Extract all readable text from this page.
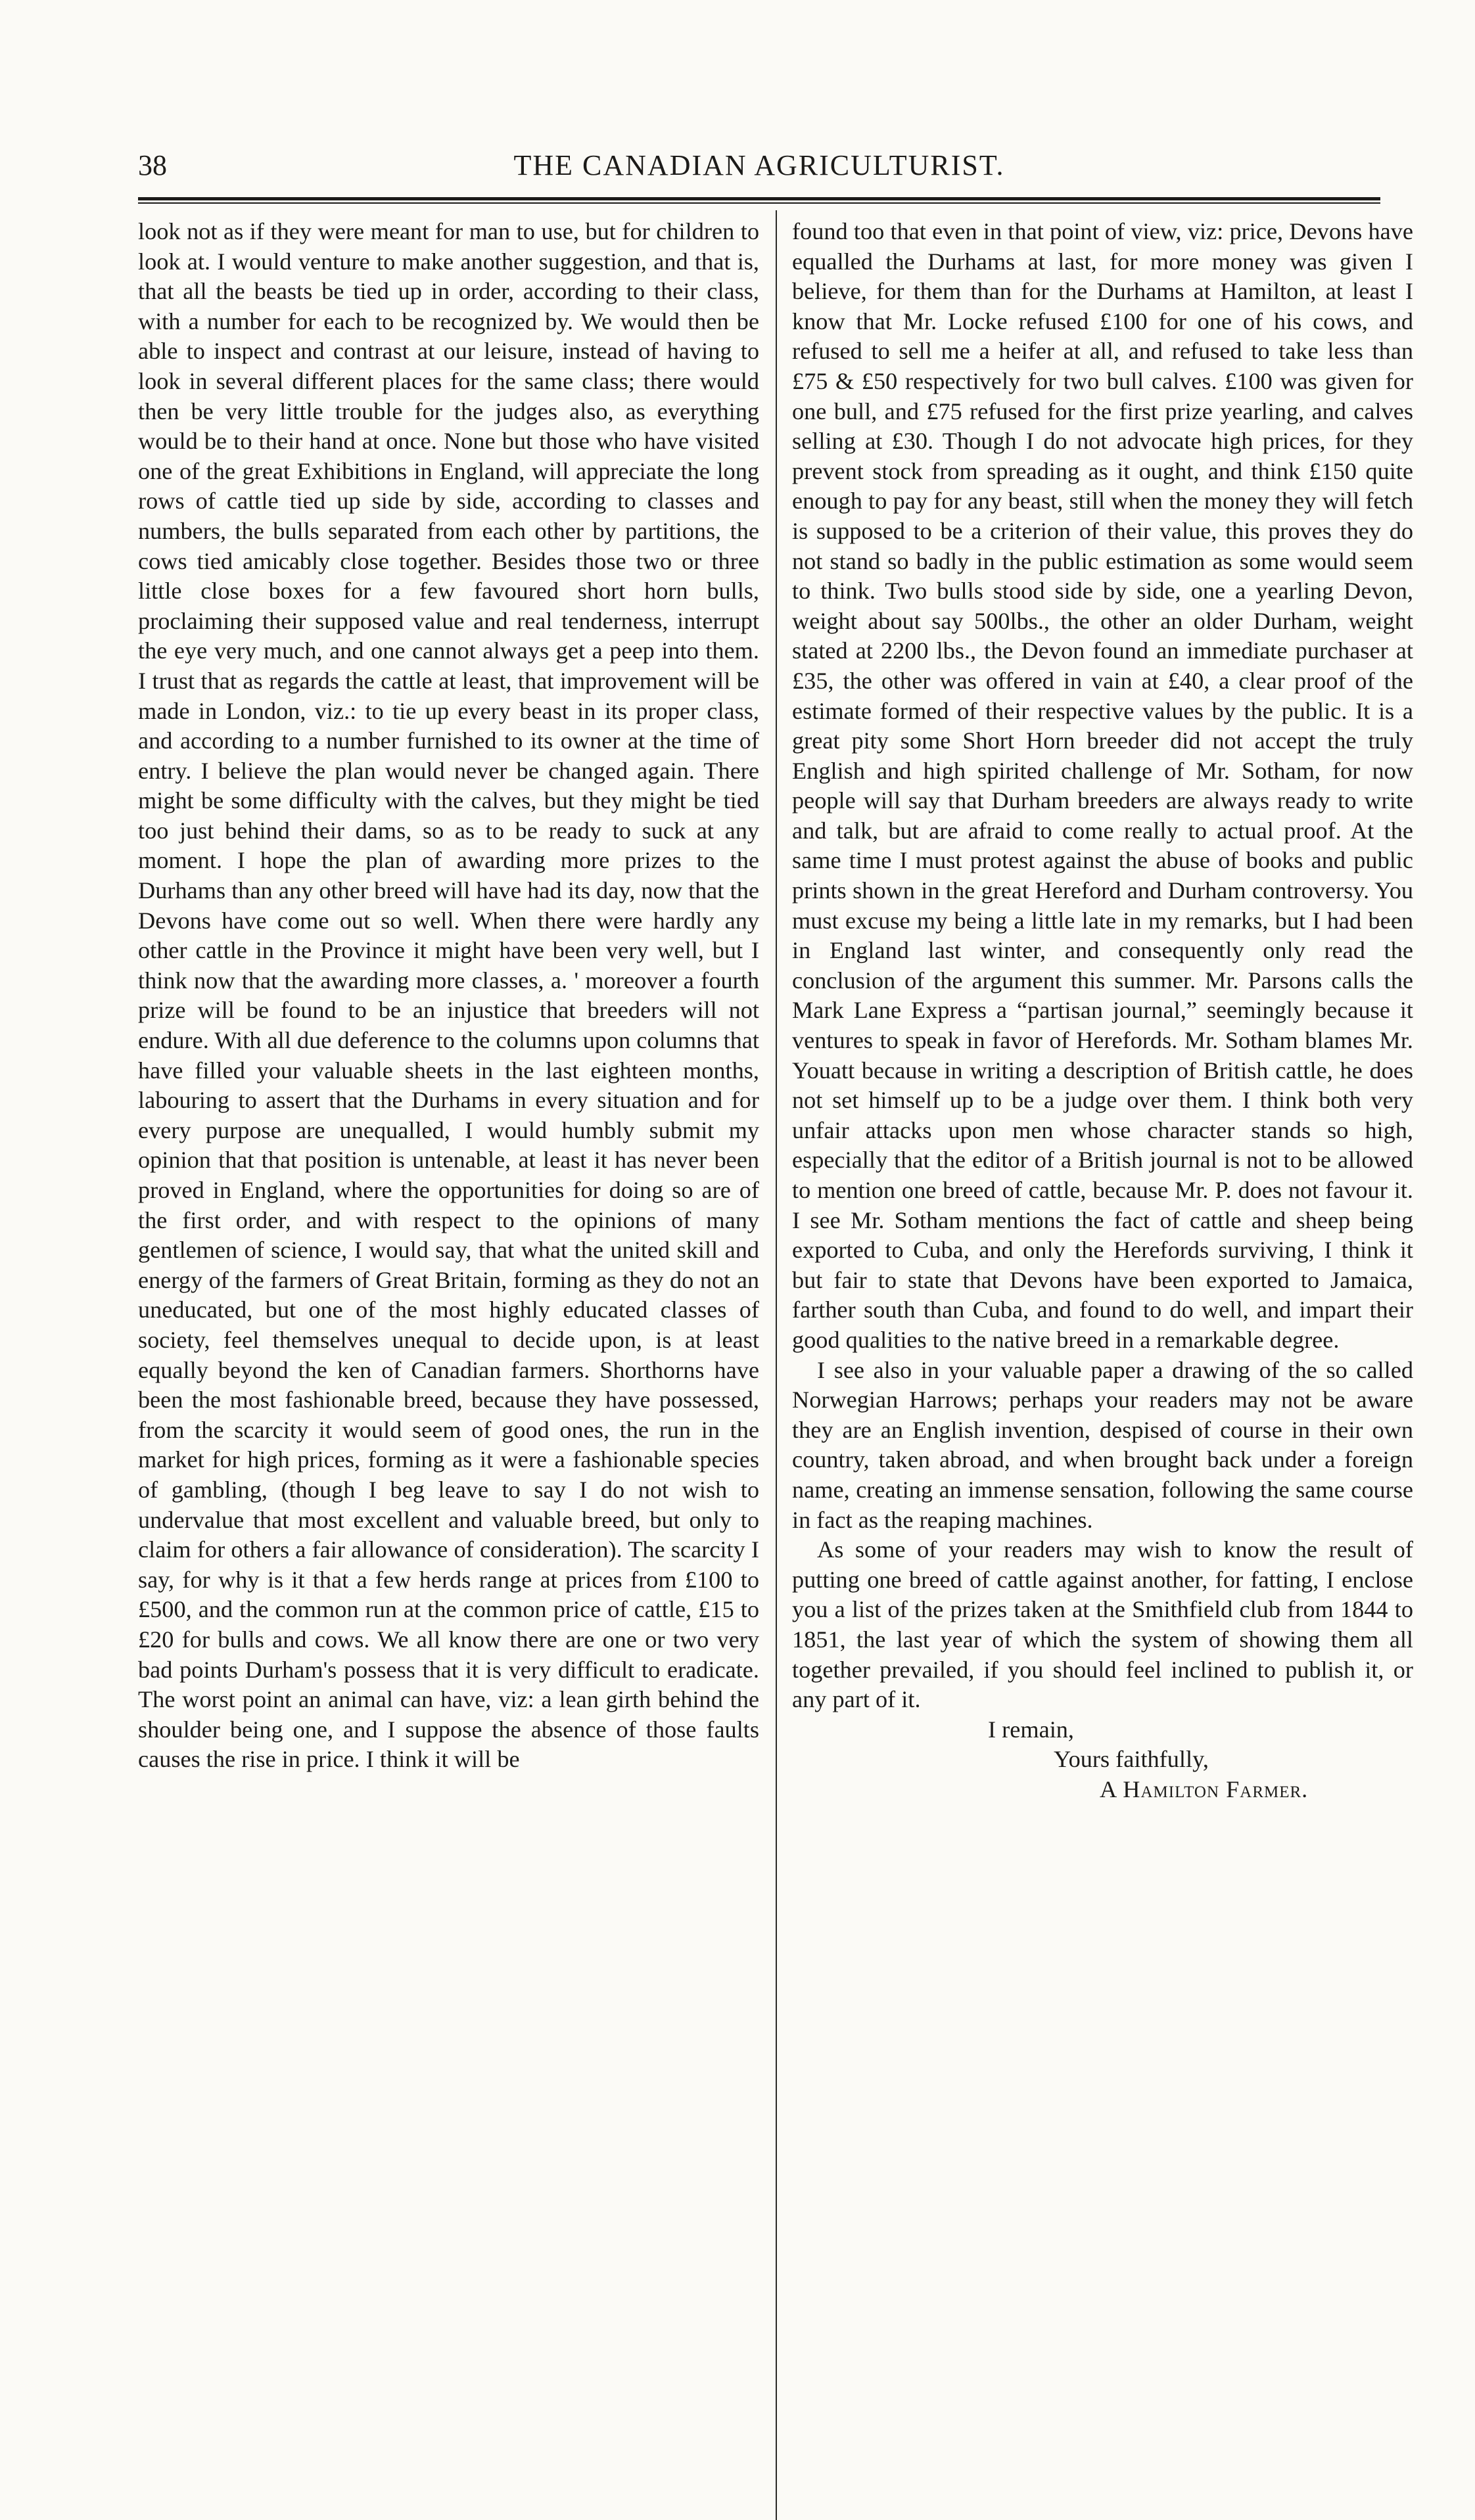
38	THE CANADIAN AGRICULTURIST.

look not as if they were meant for man to use, but for children to look at. I would venture to make another suggestion, and that is, that all the beasts be tied up in order, according to their class, with a number for each to be recognized by. We would then be able to inspect and contrast at our leisure, instead of having to look in several different places for the same class; there would then be very little trouble for the judges also, as everything would be to their hand at once. None but those who have visited one of the great Exhibitions in England, will appreciate the long rows of cattle tied up side by side, according to classes and numbers, the bulls separated from each other by partitions, the cows tied amicably close together. Besides those two or three little close boxes for a few favoured short horn bulls, proclaiming their supposed value and real tenderness, interrupt the eye very much, and one cannot always get a peep into them. I trust that as regards the cattle at least, that improvement will be made in London, viz.: to tie up every beast in its proper class, and according to a number furnished to its owner at the time of entry. I believe the plan would never be changed again. There might be some difficulty with the calves, but they might be tied too just behind their dams, so as to be ready to suck at any moment. I hope the plan of awarding more prizes to the Durhams than any other breed will have had its day, now that the Devons have come out so well. When there were hardly any other cattle in the Province it might have been very well, but I think now that the awarding more classes, a. ' moreover a fourth prize will be found to be an injustice that breeders will not endure. With all due deference to the columns upon columns that have filled your valuable sheets in the last eighteen months, labouring to assert that the Durhams in every situation and for every purpose are unequalled, I would humbly submit my opinion that that position is untenable, at least it has never been proved in England, where the opportunities for doing so are of the first order, and with respect to the opinions of many gentlemen of science, I would say, that what the united skill and energy of the farmers of Great Britain, forming as they do not an uneducated, but one of the most highly educated classes of society, feel themselves unequal to decide upon, is at least equally beyond the ken of Canadian farmers. Shorthorns have been the most fashionable breed, because they have possessed, from the scarcity it would seem of good ones, the run in the market for high prices, forming as it were a fashionable species of gambling, (though I beg leave to say I do not wish to undervalue that most excellent and valuable breed, but only to claim for others a fair allowance of consideration). The scarcity I say, for why is it that a few herds range at prices from £100 to £500, and the common run at the common price of cattle, £15 to £20 for bulls and cows. We all know there are one or two very bad points Durham's possess that it is very difficult to eradicate. The worst point an animal can have, viz: a lean girth behind the shoulder being one, and I suppose the absence of those faults causes the rise in price. I think it will be

found too that even in that point of view, viz: price, Devons have equalled the Durhams at last, for more money was given I believe, for them than for the Durhams at Hamilton, at least I know that Mr. Locke refused £100 for one of his cows, and refused to sell me a heifer at all, and refused to take less than £75 & £50 respectively for two bull calves. £100 was given for one bull, and £75 refused for the first prize yearling, and calves selling at £30. Though I do not advocate high prices, for they prevent stock from spreading as it ought, and think £150 quite enough to pay for any beast, still when the money they will fetch is supposed to be a criterion of their value, this proves they do not stand so badly in the public estimation as some would seem to think. Two bulls stood side by side, one a yearling Devon, weight about say 500lbs., the other an older Durham, weight stated at 2200 lbs., the Devon found an immediate purchaser at £35, the other was offered in vain at £40, a clear proof of the estimate formed of their respective values by the public. It is a great pity some Short Horn breeder did not accept the truly English and high spirited challenge of Mr. Sotham, for now people will say that Durham breeders are always ready to write and talk, but are afraid to come really to actual proof. At the same time I must protest against the abuse of books and public prints shown in the great Hereford and Durham controversy. You must excuse my being a little late in my remarks, but I had been in England last winter, and consequently only read the conclusion of the argument this summer. Mr. Parsons calls the Mark Lane Express a “partisan journal,” seemingly because it ventures to speak in favor of Herefords. Mr. Sotham blames Mr. Youatt because in writing a description of British cattle, he does not set himself up to be a judge over them. I think both very unfair attacks upon men whose character stands so high, especially that the editor of a British journal is not to be allowed to mention one breed of cattle, because Mr. P. does not favour it. I see Mr. Sotham mentions the fact of cattle and sheep being exported to Cuba, and only the Herefords surviving, I think it but fair to state that Devons have been exported to Jamaica, farther south than Cuba, and found to do well, and impart their good qualities to the native breed in a remarkable degree.

I see also in your valuable paper a drawing of the so called Norwegian Harrows; perhaps your readers may not be aware they are an English invention, despised of course in their own country, taken abroad, and when brought back under a foreign name, creating an immense sensation, following the same course in fact as the reaping machines.

As some of your readers may wish to know the result of putting one breed of cattle against another, for fatting, I enclose you a list of the prizes taken at the Smithfield club from 1844 to 1851, the last year of which the system of showing them all together prevailed, if you should feel inclined to publish it, or any part of it.

I remain,

Yours faithfully,

A Hamilton Farmer.
